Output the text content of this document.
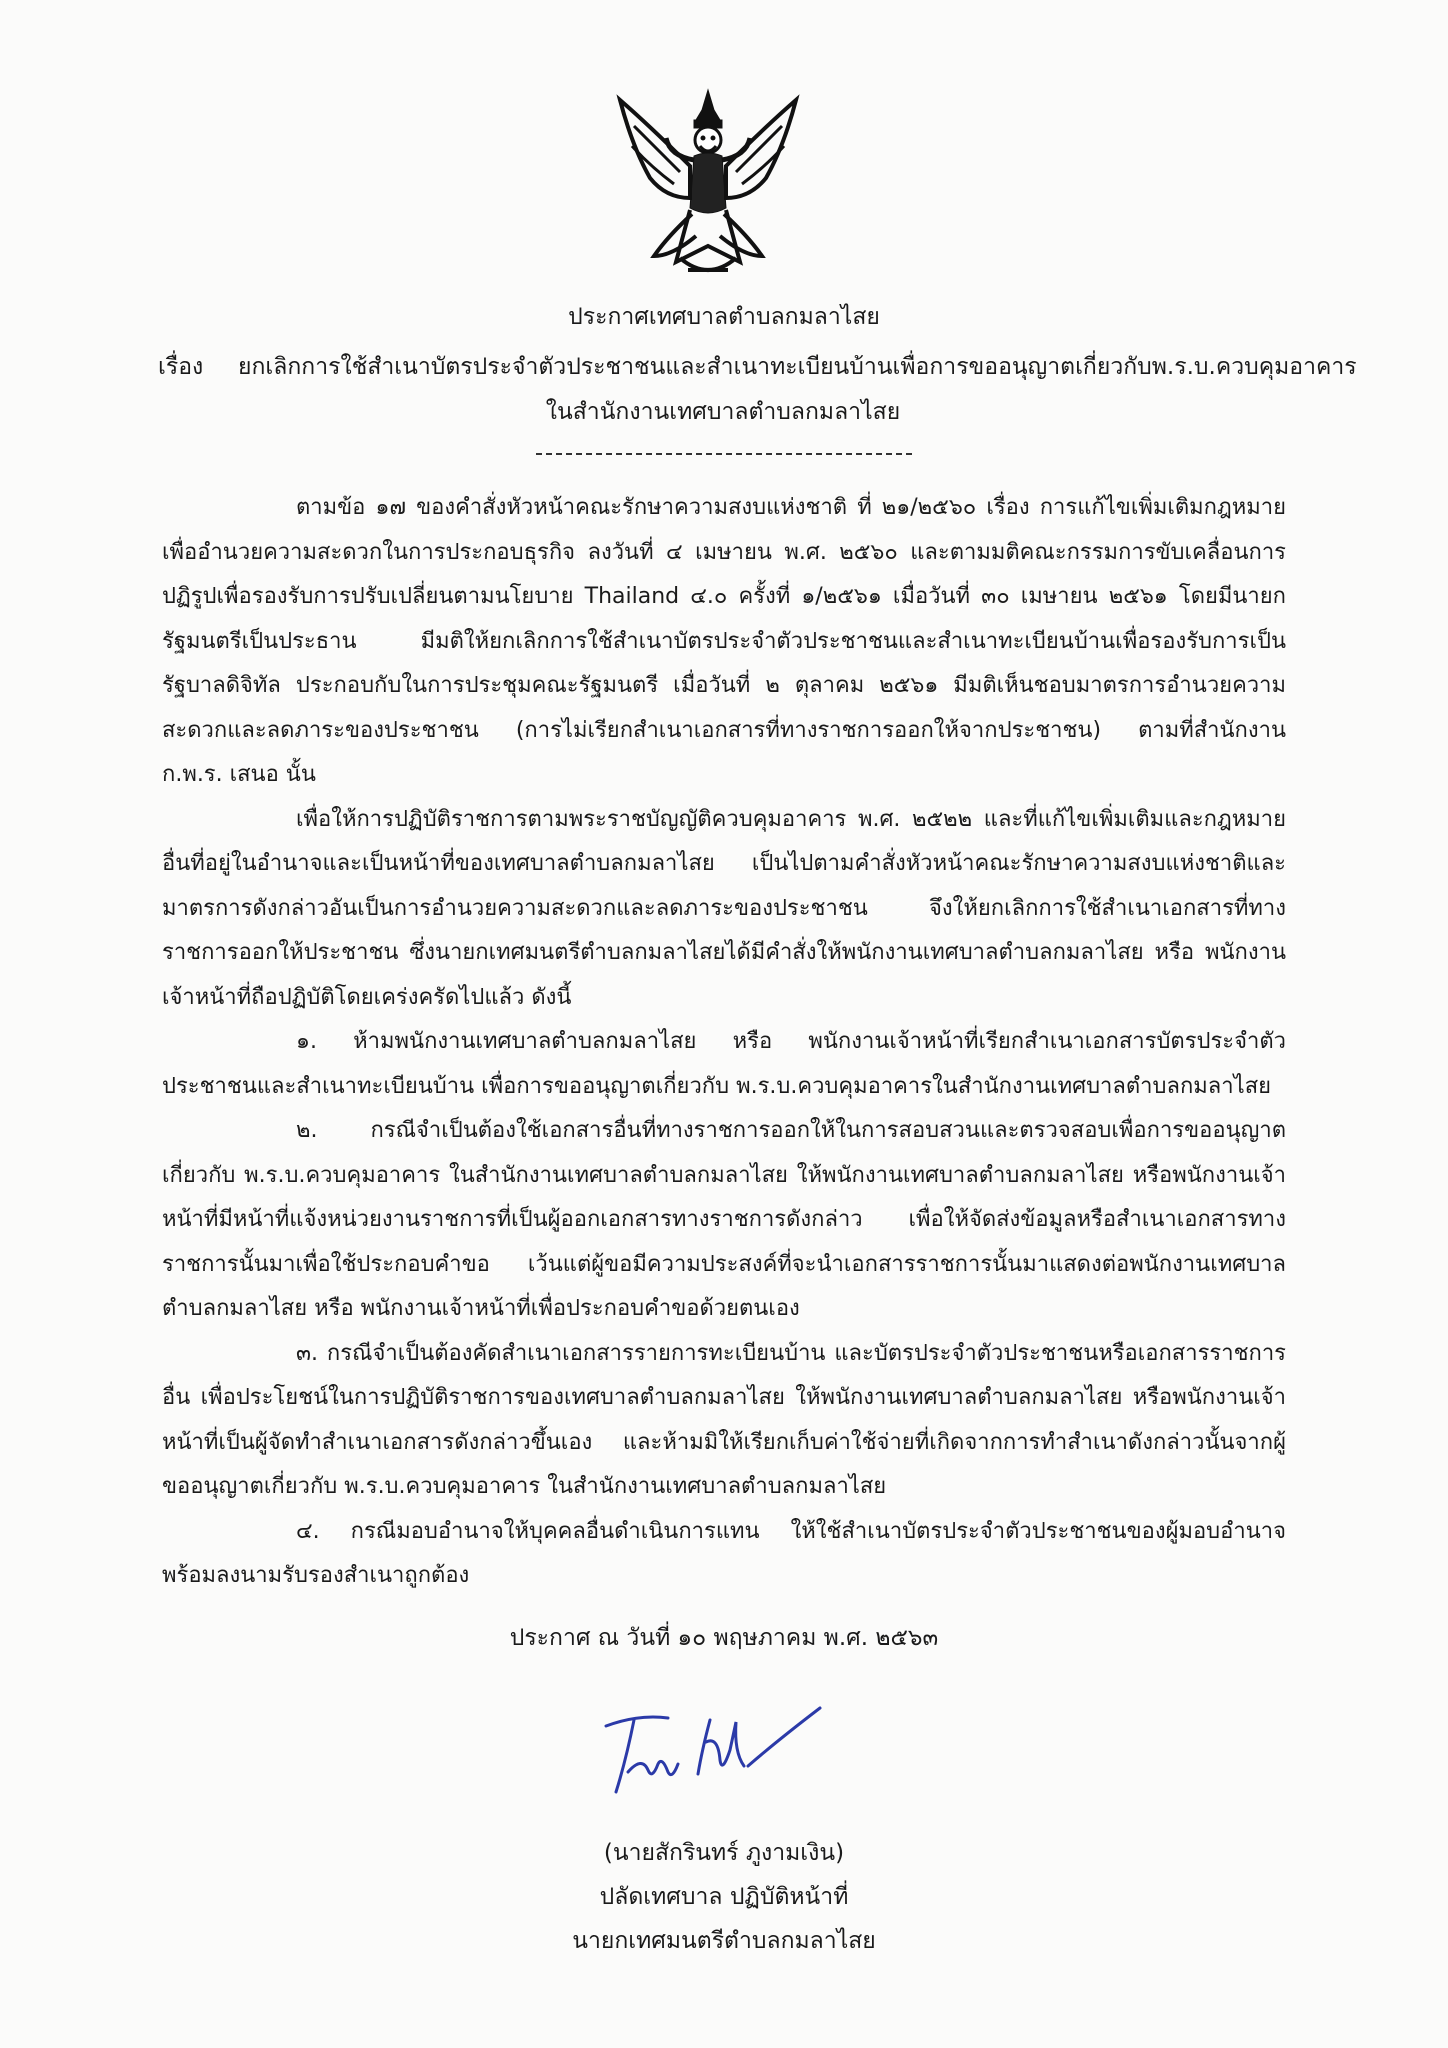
ประกาศเทศบาลตำบลกมลาไสย
เรื่อง ยกเลิกการใช้สำเนาบัตรประจำตัวประชาชนและสำเนาทะเบียนบ้านเพื่อการขออนุญาตเกี่ยวกับพ.ร.บ.ควบคุมอาคาร
ในสำนักงานเทศบาลตำบลกมลาไสย

ตามข้อ ๑๗ ของคำสั่งหัวหน้าคณะรักษาความสงบแห่งชาติ ที่ ๒๑/๒๕๖๐ เรื่อง การแก้ไขเพิ่มเติมกฎหมายเพื่ออำนวยความสะดวกในการประกอบธุรกิจ ลงวันที่ ๔ เมษายน พ.ศ. ๒๕๖๐ และตามมติคณะกรรมการขับเคลื่อนการปฏิรูปเพื่อรองรับการปรับเปลี่ยนตามนโยบาย Thailand ๔.๐ ครั้งที่ ๑/๒๕๖๑ เมื่อวันที่ ๓๐ เมษายน ๒๕๖๑ โดยมีนายกรัฐมนตรีเป็นประธาน มีมติให้ยกเลิกการใช้สำเนาบัตรประจำตัวประชาชนและสำเนาทะเบียนบ้านเพื่อรองรับการเป็นรัฐบาลดิจิทัล ประกอบกับในการประชุมคณะรัฐมนตรี เมื่อวันที่ ๒ ตุลาคม ๒๕๖๑ มีมติเห็นชอบมาตรการอำนวยความสะดวกและลดภาระของประชาชน (การไม่เรียกสำเนาเอกสารที่ทางราชการออกให้จากประชาชน) ตามที่สำนักงาน ก.พ.ร. เสนอ นั้น

เพื่อให้การปฏิบัติราชการตามพระราชบัญญัติควบคุมอาคาร พ.ศ. ๒๕๒๒ และที่แก้ไขเพิ่มเติมและกฎหมายอื่นที่อยู่ในอำนาจและเป็นหน้าที่ของเทศบาลตำบลกมลาไสย เป็นไปตามคำสั่งหัวหน้าคณะรักษาความสงบแห่งชาติและมาตรการดังกล่าวอันเป็นการอำนวยความสะดวกและลดภาระของประชาชน จึงให้ยกเลิกการใช้สำเนาเอกสารที่ทางราชการออกให้ประชาชน ซึ่งนายกเทศมนตรีตำบลกมลาไสยได้มีคำสั่งให้พนักงานเทศบาลตำบลกมลาไสย หรือ พนักงานเจ้าหน้าที่ถือปฏิบัติโดยเคร่งครัดไปแล้ว ดังนี้

๑. ห้ามพนักงานเทศบาลตำบลกมลาไสย หรือ พนักงานเจ้าหน้าที่เรียกสำเนาเอกสารบัตรประจำตัวประชาชนและสำเนาทะเบียนบ้าน เพื่อการขออนุญาตเกี่ยวกับ พ.ร.บ.ควบคุมอาคารในสำนักงานเทศบาลตำบลกมลาไสย

๒. กรณีจำเป็นต้องใช้เอกสารอื่นที่ทางราชการออกให้ในการสอบสวนและตรวจสอบเพื่อการขออนุญาตเกี่ยวกับ พ.ร.บ.ควบคุมอาคาร ในสำนักงานเทศบาลตำบลกมลาไสย ให้พนักงานเทศบาลตำบลกมลาไสย หรือพนักงานเจ้าหน้าที่มีหน้าที่แจ้งหน่วยงานราชการที่เป็นผู้ออกเอกสารทางราชการดังกล่าว เพื่อให้จัดส่งข้อมูลหรือสำเนาเอกสารทางราชการนั้นมาเพื่อใช้ประกอบคำขอ เว้นแต่ผู้ขอมีความประสงค์ที่จะนำเอกสารราชการนั้นมาแสดงต่อพนักงานเทศบาลตำบลกมลาไสย หรือ พนักงานเจ้าหน้าที่เพื่อประกอบคำขอด้วยตนเอง

๓. กรณีจำเป็นต้องคัดสำเนาเอกสารรายการทะเบียนบ้าน และบัตรประจำตัวประชาชนหรือเอกสารราชการอื่น เพื่อประโยชน์ในการปฏิบัติราชการของเทศบาลตำบลกมลาไสย ให้พนักงานเทศบาลตำบลกมลาไสย หรือพนักงานเจ้าหน้าที่เป็นผู้จัดทำสำเนาเอกสารดังกล่าวขึ้นเอง และห้ามมิให้เรียกเก็บค่าใช้จ่ายที่เกิดจากการทำสำเนาดังกล่าวนั้นจากผู้ขออนุญาตเกี่ยวกับ พ.ร.บ.ควบคุมอาคาร ในสำนักงานเทศบาลตำบลกมลาไสย

๔. กรณีมอบอำนาจให้บุคคลอื่นดำเนินการแทน ให้ใช้สำเนาบัตรประจำตัวประชาชนของผู้มอบอำนาจ พร้อมลงนามรับรองสำเนาถูกต้อง

ประกาศ ณ วันที่ ๑๐ พฤษภาคม พ.ศ. ๒๕๖๓
(นายสักรินทร์ ภูงามเงิน)
ปลัดเทศบาล ปฏิบัติหน้าที่
นายกเทศมนตรีตำบลกมลาไสย
